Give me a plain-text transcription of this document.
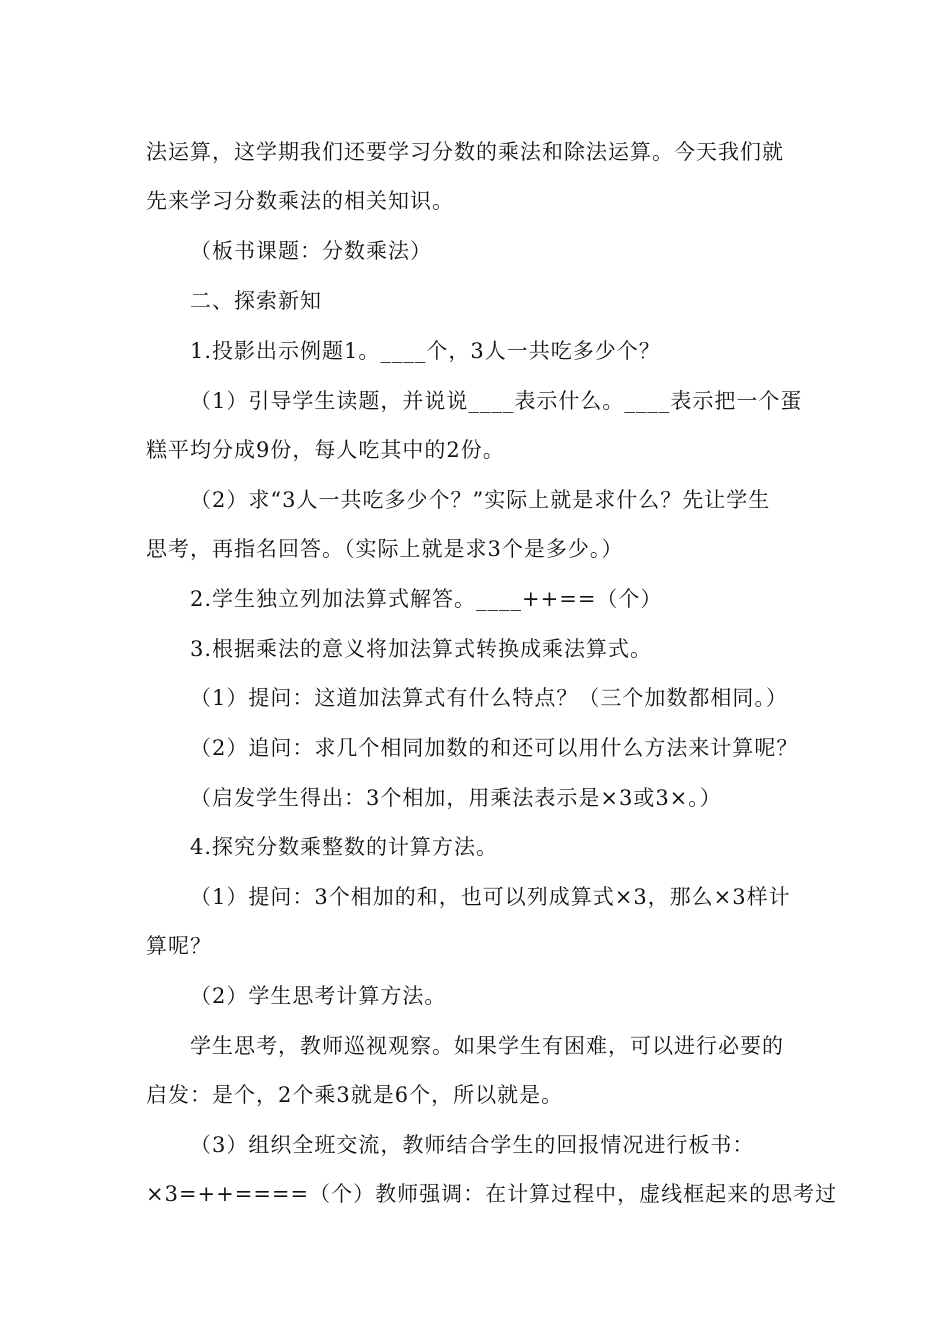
法运算，这学期我们还要学习分数的乘法和除法运算。今天我们就
先来学习分数乘法的相关知识。
（板书课题：分数乘法）
二、探索新知
1.投影出示例题1。____个，3人一共吃多少个？
（1）引导学生读题，并说说____表示什么。____表示把一个蛋
糕平均分成9份，每人吃其中的2份。
（2）求“3人一共吃多少个？”实际上就是求什么？先让学生
思考，再指名回答。（实际上就是求3个是多少。）
2.学生独立列加法算式解答。____++==（个）
3.根据乘法的意义将加法算式转换成乘法算式。
（1）提问：这道加法算式有什么特点？（三个加数都相同。）
（2）追问：求几个相同加数的和还可以用什么方法来计算呢？
（启发学生得出：3个相加，用乘法表示是×3或3×。）
4.探究分数乘整数的计算方法。
（1）提问：3个相加的和，也可以列成算式×3，那么×3样计
算呢？
（2）学生思考计算方法。
学生思考，教师巡视观察。如果学生有困难，可以进行必要的
启发：是个，2个乘3就是6个，所以就是。
（3）组织全班交流，教师结合学生的回报情况进行板书：
×3=++====（个）教师强调：在计算过程中，虚线框起来的思考过
